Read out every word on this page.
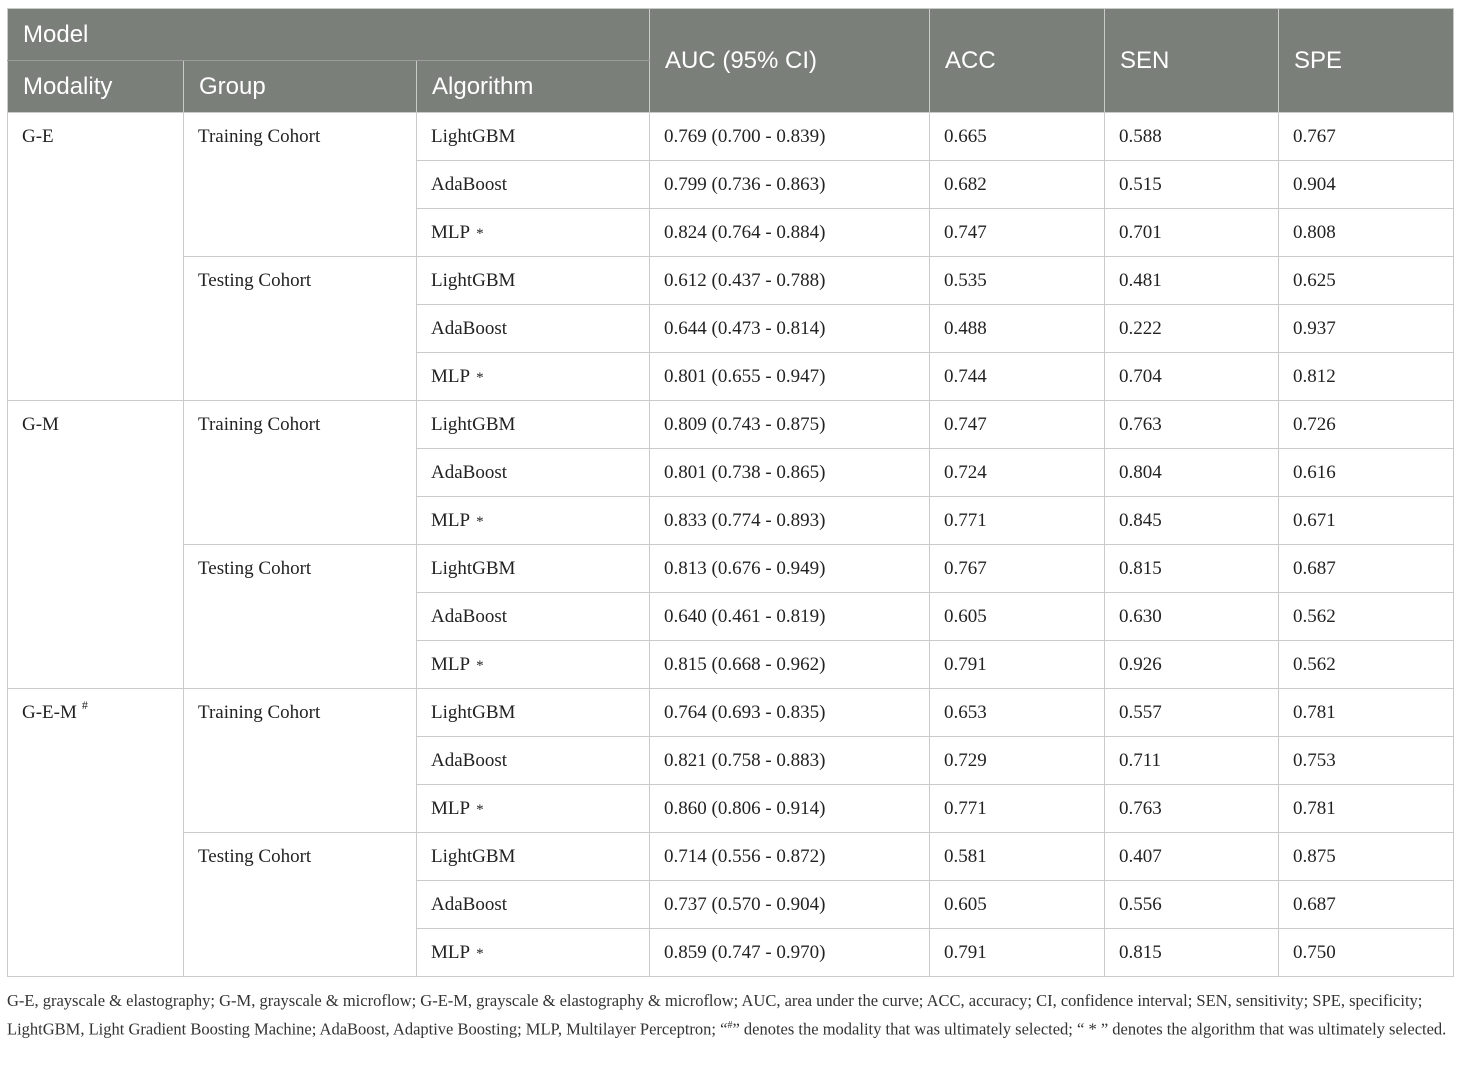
Model			AUC (95% CI)	ACC	SEN	SPE
Modality	Group	Algorithm				
G-E	Training Cohort	LightGBM	0.769 (0.700 - 0.839)	0.665	0.588	0.767
		AdaBoost	0.799 (0.736 - 0.863)	0.682	0.515	0.904
		MLP *	0.824 (0.764 - 0.884)	0.747	0.701	0.808
	Testing Cohort	LightGBM	0.612 (0.437 - 0.788)	0.535	0.481	0.625
		AdaBoost	0.644 (0.473 - 0.814)	0.488	0.222	0.937
		MLP *	0.801 (0.655 - 0.947)	0.744	0.704	0.812
G-M	Training Cohort	LightGBM	0.809 (0.743 - 0.875)	0.747	0.763	0.726
		AdaBoost	0.801 (0.738 - 0.865)	0.724	0.804	0.616
		MLP *	0.833 (0.774 - 0.893)	0.771	0.845	0.671
	Testing Cohort	LightGBM	0.813 (0.676 - 0.949)	0.767	0.815	0.687
		AdaBoost	0.640 (0.461 - 0.819)	0.605	0.630	0.562
		MLP *	0.815 (0.668 - 0.962)	0.791	0.926	0.562
G-E-M #	Training Cohort	LightGBM	0.764 (0.693 - 0.835)	0.653	0.557	0.781
		AdaBoost	0.821 (0.758 - 0.883)	0.729	0.711	0.753
		MLP *	0.860 (0.806 - 0.914)	0.771	0.763	0.781
	Testing Cohort	LightGBM	0.714 (0.556 - 0.872)	0.581	0.407	0.875
		AdaBoost	0.737 (0.570 - 0.904)	0.605	0.556	0.687
		MLP *	0.859 (0.747 - 0.970)	0.791	0.815	0.750

G-E, grayscale & elastography; G-M, grayscale & microflow; G-E-M, grayscale & elastography & microflow; AUC, area under the curve; ACC, accuracy; CI, confidence interval; SEN, sensitivity; SPE, specificity; LightGBM, Light Gradient Boosting Machine; AdaBoost, Adaptive Boosting; MLP, Multilayer Perceptron; “#” denotes the modality that was ultimately selected; “ * ” denotes the algorithm that was ultimately selected.
